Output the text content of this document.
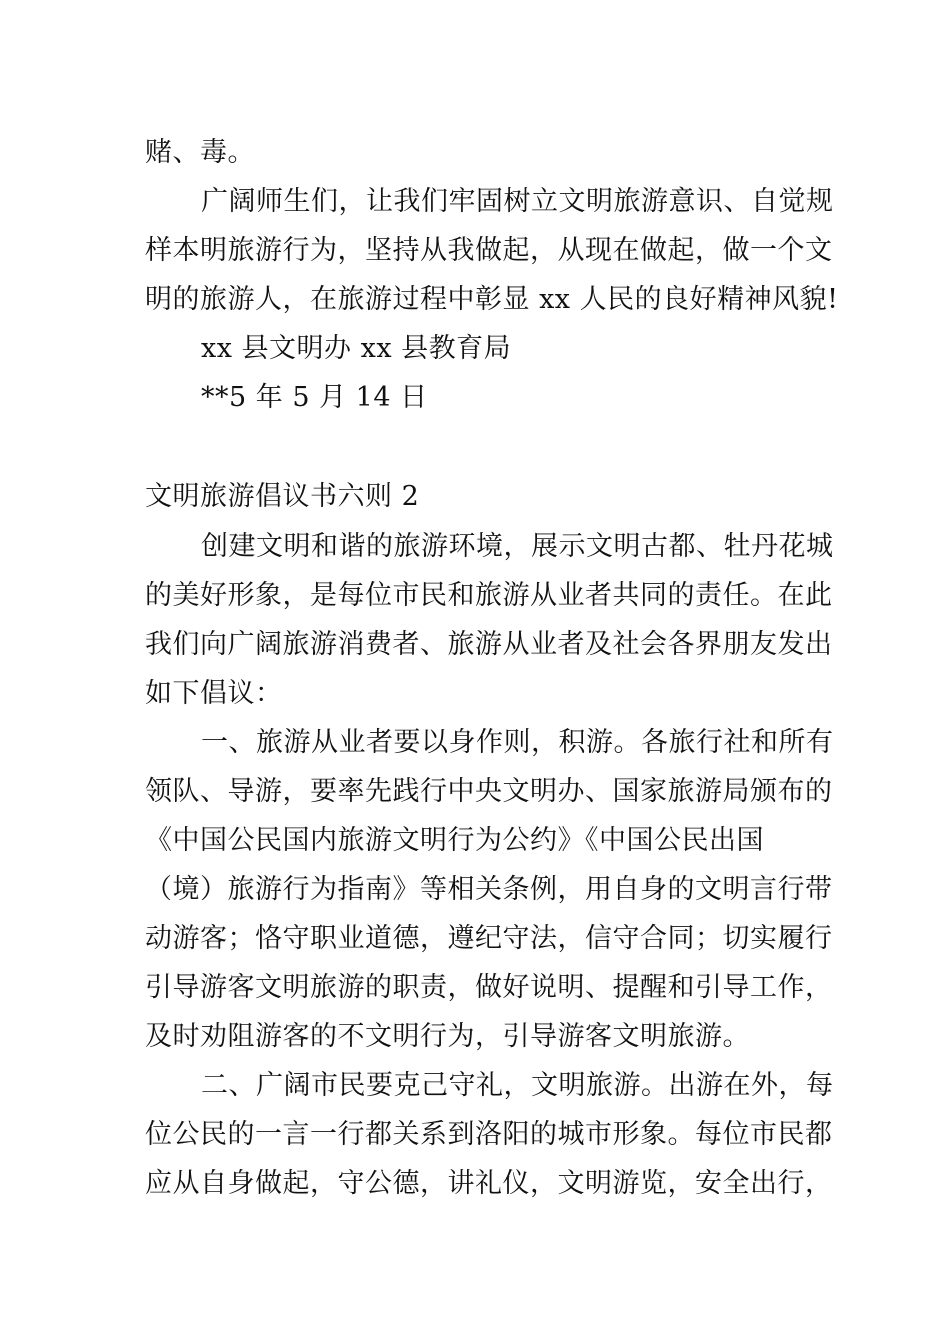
赌、毒。
广阔师生们，让我们牢固树立文明旅游意识、自觉规
样本明旅游行为，坚持从我做起，从现在做起，做一个文
明的旅游人，在旅游过程中彰显 xx 人民的良好精神风貌!
xx 县文明办 xx 县教育局
**5 年 5 月 14 日
文明旅游倡议书六则 2
创建文明和谐的旅游环境，展示文明古都、牡丹花城
的美好形象，是每位市民和旅游从业者共同的责任。在此
我们向广阔旅游消费者、旅游从业者及社会各界朋友发出
如下倡议：
一、旅游从业者要以身作则，积游。各旅行社和所有
领队、导游，要率先践行中央文明办、国家旅游局颁布的
《中国公民国内旅游文明行为公约》《中国公民出国
（境）旅游行为指南》等相关条例，用自身的文明言行带
动游客；恪守职业道德，遵纪守法，信守合同；切实履行
引导游客文明旅游的职责，做好说明、提醒和引导工作，
及时劝阻游客的不文明行为，引导游客文明旅游。
二、广阔市民要克己守礼，文明旅游。出游在外，每
位公民的一言一行都关系到洛阳的城市形象。每位市民都
应从自身做起，守公德，讲礼仪，文明游览，安全出行，
